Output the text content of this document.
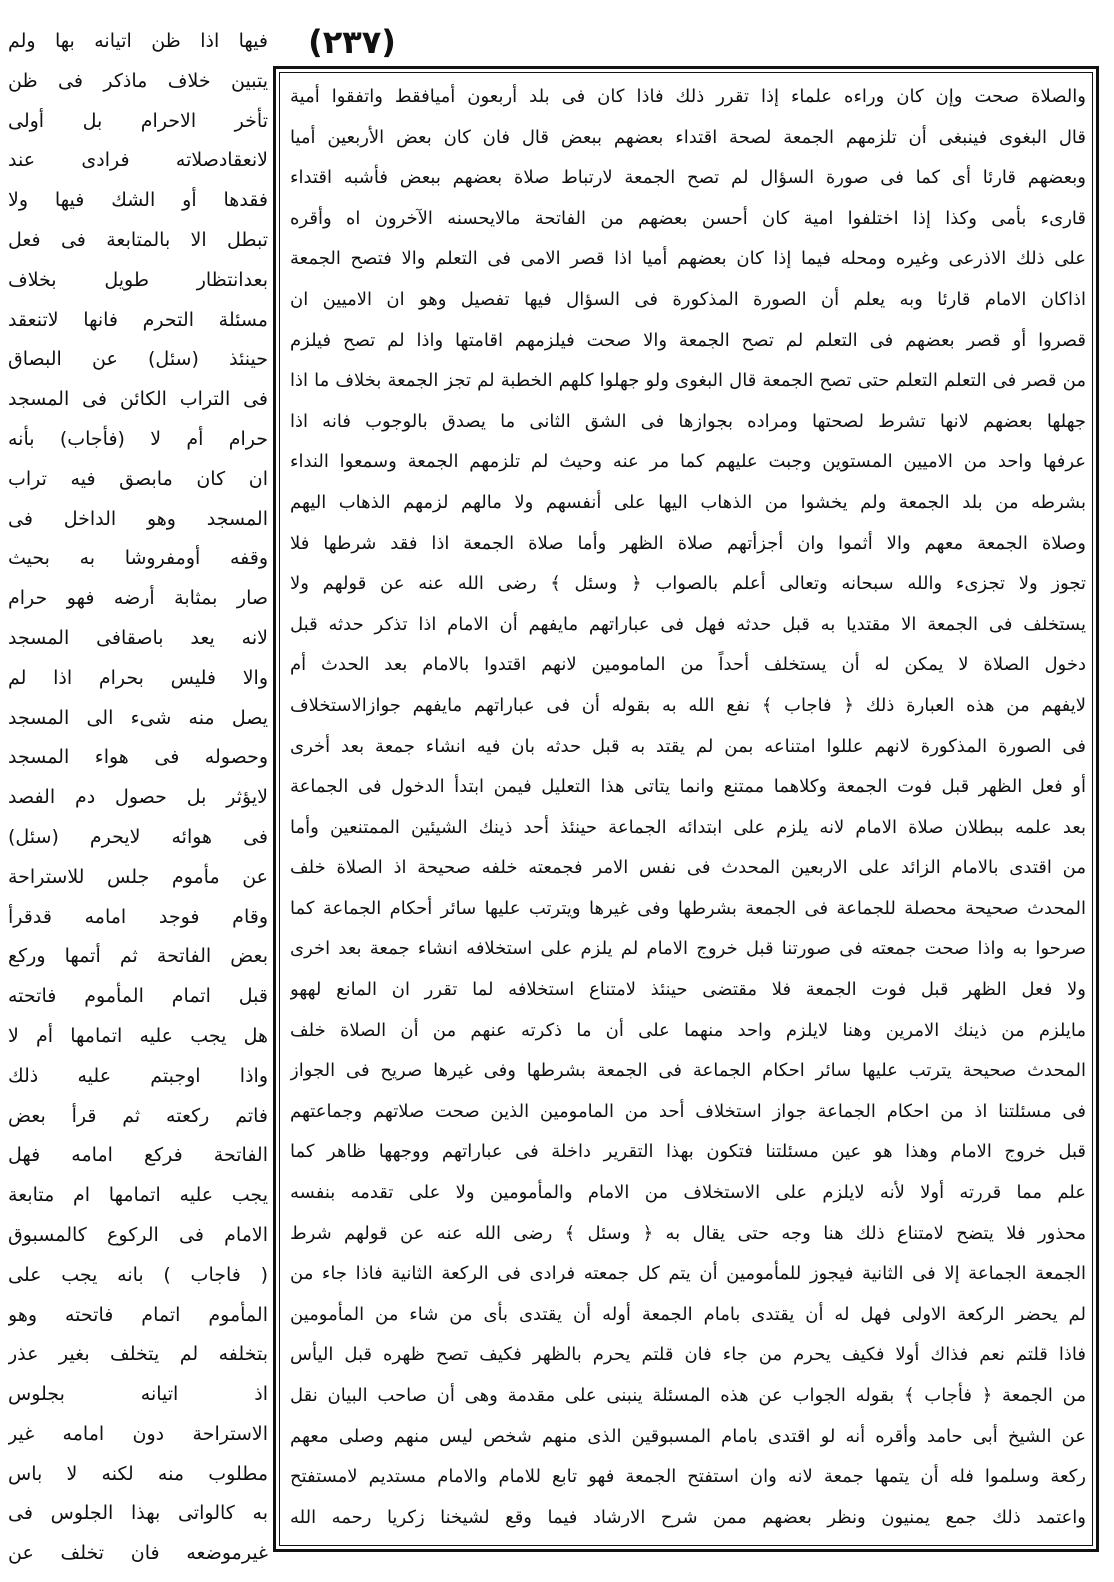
(٢٣٧)
والصلاة صحت وإن كان وراءه علماء إذا تقرر ذلك فاذا كان فى بلد أربعون أميافقط واتفقوا أمية
قال البغوى فينبغى أن تلزمهم الجمعة لصحة اقتداء بعضهم ببعض قال فان كان بعض الأربعين أميا
وبعضهم قارئا أى كما فى صورة السؤال لم تصح الجمعة لارتباط صلاة بعضهم ببعض فأشبه اقتداء
قارىء بأمى وكذا إذا اختلفوا امية كان أحسن بعضهم من الفاتحة مالايحسنه الآخرون اه وأقره
على ذلك الاذرعى وغيره ومحله فيما إذا كان بعضهم أميا اذا قصر الامى فى التعلم والا فتصح الجمعة
اذاكان الامام قارئا وبه يعلم أن الصورة المذكورة فى السؤال فيها تفصيل وهو ان الاميين ان
قصروا أو قصر بعضهم فى التعلم لم تصح الجمعة والا صحت فيلزمهم اقامتها واذا لم تصح فيلزم
من قصر فى التعلم التعلم حتى تصح الجمعة قال البغوى ولو جهلوا كلهم الخطبة لم تجز الجمعة بخلاف ما اذا
جهلها بعضهم لانها تشرط لصحتها ومراده بجوازها فى الشق الثانى ما يصدق بالوجوب فانه اذا
عرفها واحد من الاميين المستوين وجبت عليهم كما مر عنه وحيث لم تلزمهم الجمعة وسمعوا النداء
بشرطه من بلد الجمعة ولم يخشوا من الذهاب اليها على أنفسهم ولا مالهم لزمهم الذهاب اليهم
وصلاة الجمعة معهم والا أثموا وان أجزأتهم صلاة الظهر وأما صلاة الجمعة اذا فقد شرطها فلا
تجوز ولا تجزىء والله سبحانه وتعالى أعلم بالصواب ﴿ وسئل ﴾ رضى الله عنه عن قولهم ولا
يستخلف فى الجمعة الا مقتديا به قبل حدثه فهل فى عباراتهم مايفهم أن الامام اذا تذكر حدثه قبل
دخول الصلاة لا يمكن له أن يستخلف أحداً من المامومين لانهم اقتدوا بالامام بعد الحدث أم
لايفهم من هذه العبارة ذلك ﴿ فاجاب ﴾ نفع الله به بقوله أن فى عباراتهم مايفهم جوازالاستخلاف
فى الصورة المذكورة لانهم عللوا امتناعه بمن لم يقتد به قبل حدثه بان فيه انشاء جمعة بعد أخرى
أو فعل الظهر قبل فوت الجمعة وكلاهما ممتنع وانما يتاتى هذا التعليل فيمن ابتدأ الدخول فى الجماعة
بعد علمه ببطلان صلاة الامام لانه يلزم على ابتدائه الجماعة حينئذ أحد ذينك الشيئين الممتنعين وأما
من اقتدى بالامام الزائد على الاربعين المحدث فى نفس الامر فجمعته خلفه صحيحة اذ الصلاة خلف
المحدث صحيحة محصلة للجماعة فى الجمعة بشرطها وفى غيرها ويترتب عليها سائر أحكام الجماعة كما
صرحوا به واذا صحت جمعته فى صورتنا قبل خروج الامام لم يلزم على استخلافه انشاء جمعة بعد اخرى
ولا فعل الظهر قبل فوت الجمعة فلا مقتضى حينئذ لامتناع استخلافه لما تقرر ان المانع لههو
مايلزم من ذينك الامرين وهنا لايلزم واحد منهما على أن ما ذكرته عنهم من أن الصلاة خلف
المحدث صحيحة يترتب عليها سائر احكام الجماعة فى الجمعة بشرطها وفى غيرها صريح فى الجواز
فى مسئلتنا اذ من احكام الجماعة جواز استخلاف أحد من المامومين الذين صحت صلاتهم وجماعتهم
قبل خروج الامام وهذا هو عين مسئلتنا فتكون بهذا التقرير داخلة فى عباراتهم ووجهها ظاهر كما
علم مما قررته أولا لأنه لايلزم على الاستخلاف من الامام والمأمومين ولا على تقدمه بنفسه
محذور فلا يتضح لامتناع ذلك هنا وجه حتى يقال به ﴿ وسئل ﴾ رضى الله عنه عن قولهم شرط
الجمعة الجماعة إلا فى الثانية فيجوز للمأمومين أن يتم كل جمعته فرادى فى الركعة الثانية فاذا جاء من
لم يحضر الركعة الاولى فهل له أن يقتدى بامام الجمعة أوله أن يقتدى بأى من شاء من المأمومين
فاذا قلتم نعم فذاك أولا فكيف يحرم من جاء فان قلتم يحرم بالظهر فكيف تصح ظهره قبل اليأس
من الجمعة ﴿ فأجاب ﴾ بقوله الجواب عن هذه المسئلة ينبنى على مقدمة وهى أن صاحب البيان نقل
عن الشيخ أبى حامد وأقره أنه لو اقتدى بامام المسبوقين الذى منهم شخص ليس منهم وصلى معهم
ركعة وسلموا فله أن يتمها جمعة لانه وان استفتح الجمعة فهو تابع للامام والامام مستديم لامستفتح
واعتمد ذلك جمع يمنيون ونظر بعضهم ممن شرح الارشاد فيما وقع لشيخنا زكريا رحمه الله
فيها اذا ظن اتيانه بها ولم
يتبين خلاف ماذكر فى ظن
تأخر الاحرام بل أولى
لانعقادصلاته فرادى عند
فقدها أو الشك فيها ولا
تبطل الا بالمتابعة فى فعل
بعدانتظار طويل بخلاف
مسئلة التحرم فانها لاتنعقد
حينئذ (سئل) عن البصاق
فى التراب الكائن فى المسجد
حرام أم لا (فأجاب) بأنه
ان كان مابصق فيه تراب
المسجد وهو الداخل فى
وقفه أومفروشا به بحيث
صار بمثابة أرضه فهو حرام
لانه يعد باصقافى المسجد
والا فليس بحرام اذا لم
يصل منه شىء الى المسجد
وحصوله فى هواء المسجد
لايؤثر بل حصول دم الفصد
فى هوائه لايحرم (سئل)
عن مأموم جلس للاستراحة
وقام فوجد امامه قدقرأ
بعض الفاتحة ثم أتمها وركع
قبل اتمام المأموم فاتحته
هل يجب عليه اتمامها أم لا
واذا اوجبتم عليه ذلك
فاتم ركعته ثم قرأ بعض
الفاتحة فركع امامه فهل
يجب عليه اتمامها ام متابعة
الامام فى الركوع كالمسبوق
( فاجاب ) بانه يجب على
المأموم اتمام فاتحته وهو
بتخلفه لم يتخلف بغير عذر
اذ اتيانه بجلوس
الاستراحة دون امامه غير
مطلوب منه لكنه لا باس
به كالواتى بهذا الجلوس فى
غيرموضعه فان تخلف عن
